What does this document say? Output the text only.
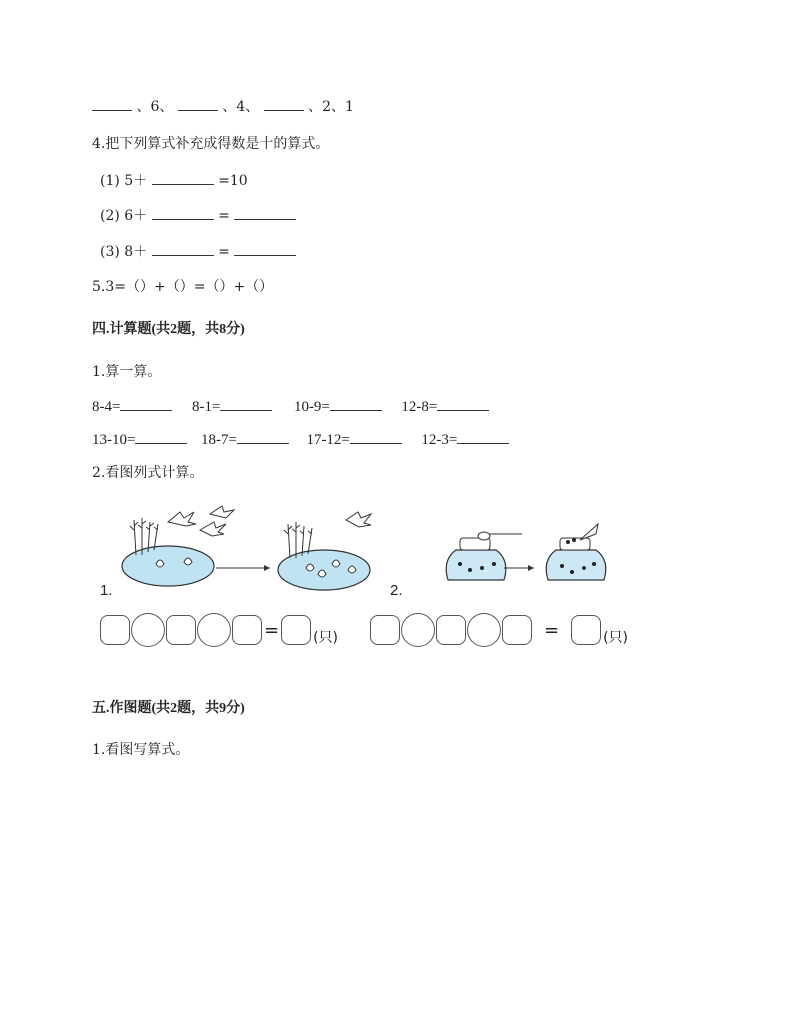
、6、	、4、	、2、1
4.把下列算式补充成得数是十的算式。
(1) 5＋	=10
(2) 6＋	=
(3) 8＋	=
5.3=（）+（）=（）+（）
四.计算题(共2题，共8分)
1.算一算。
8-4=	8-1=	10-9=	12-8=
13-10=	18-7=	17-12=	12-3=
2.看图列式计算。
1.	2.
= (只)	=	(只)
五.作图题(共2题，共9分)
1.看图写算式。
